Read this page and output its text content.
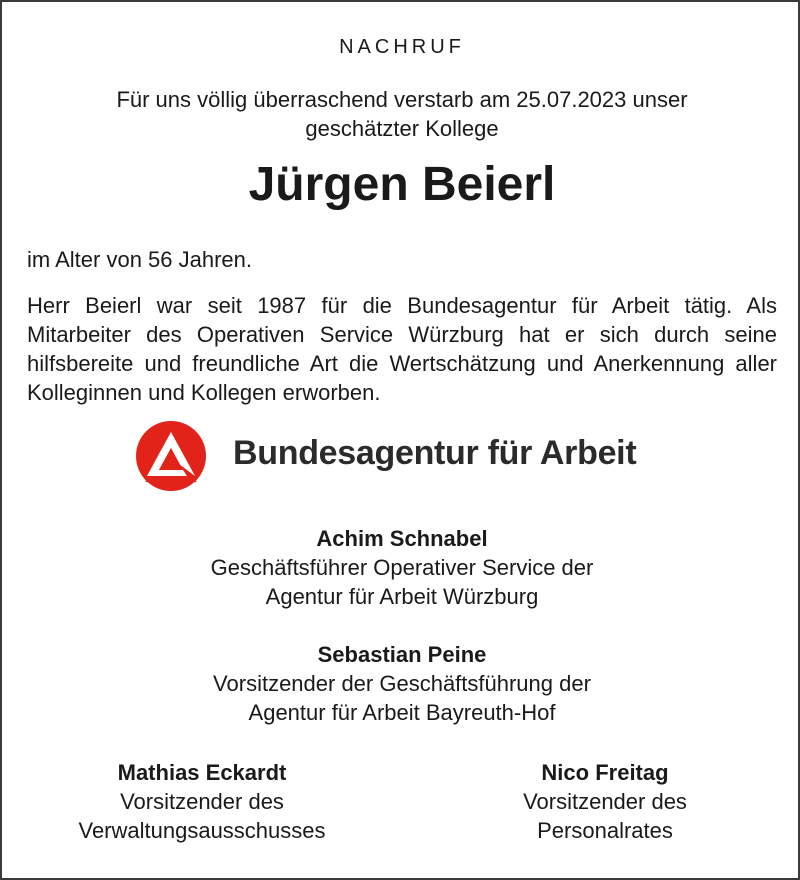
NACHRUF
Für uns völlig überraschend verstarb am 25.07.2023 unser
geschätzter Kollege
Jürgen Beierl
im Alter von 56 Jahren.
Herr Beierl war seit 1987 für die Bundesagentur für Arbeit tätig. Als Mitarbeiter des Operativen Service Würzburg hat er sich durch seine hilfsbereite und freundliche Art die Wertschätzung und Anerkennung aller Kolleginnen und Kollegen erworben.
Bundesagentur für Arbeit
Achim Schnabel
Geschäftsführer Operativer Service der
Agentur für Arbeit Würzburg
Sebastian Peine
Vorsitzender der Geschäftsführung der
Agentur für Arbeit Bayreuth-Hof
Mathias Eckardt
Vorsitzender des
Verwaltungsausschusses
Nico Freitag
Vorsitzender des
Personalrates
